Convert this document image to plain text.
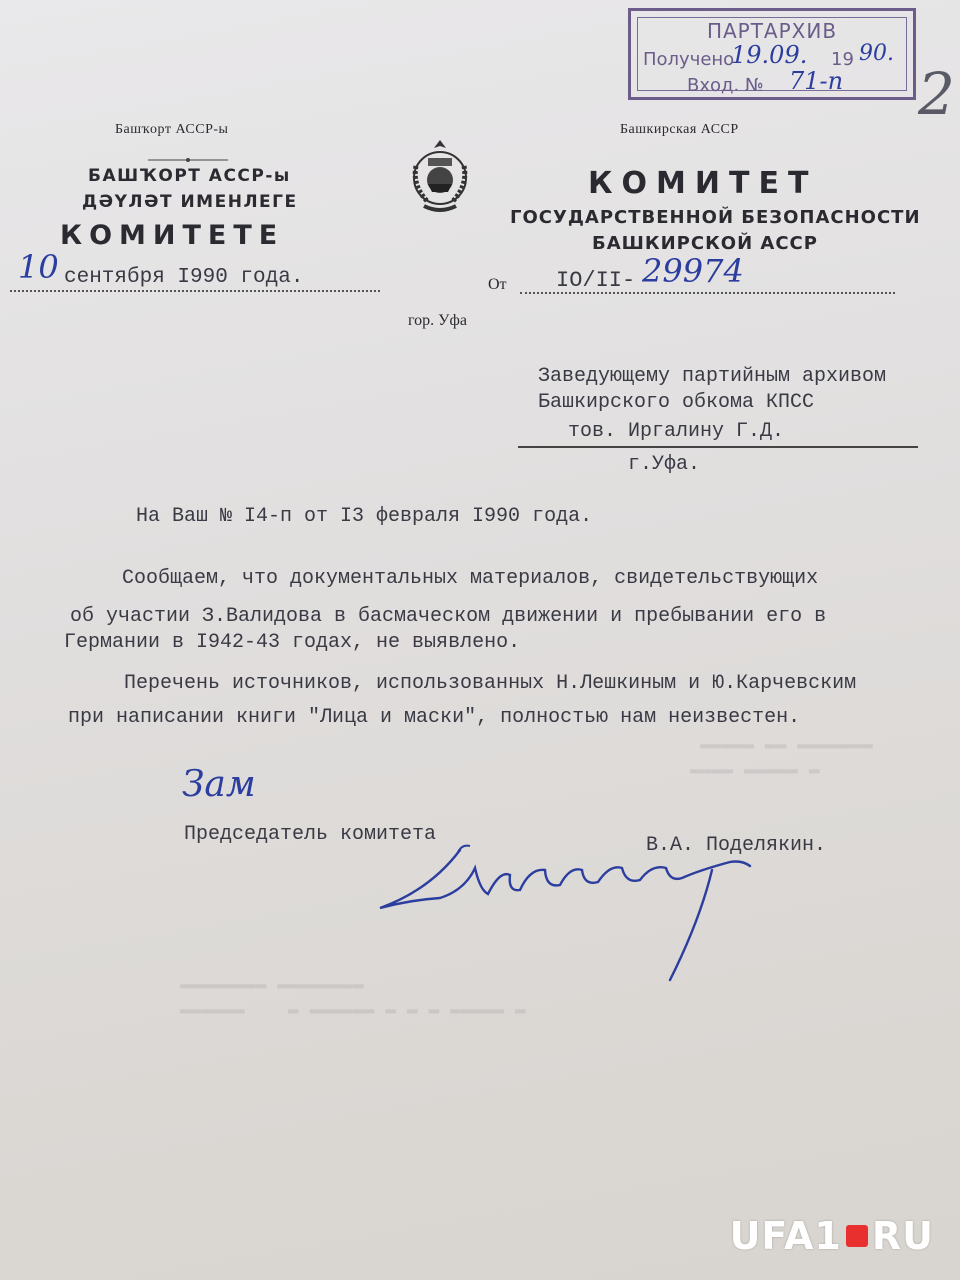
▬▬▬▬▬ ▬▬ ▬▬▬▬▬▬▬
▬▬▬▬ ▬▬▬▬▬ ▬
▬▬▬▬▬▬▬▬ ▬▬▬▬▬▬▬▬
▬▬▬▬▬▬    ▬ ▬▬▬▬▬▬ ▬ ▬ ▬ ▬▬▬▬▬ ▬
ПАРТАРХИВ
Получено
19.09. 19 90.
Вход. № 71-п 2
Башҡорт АССР-ы
БАШҠОРТ АССР-ы
ДӘҮЛӘТ ИМЕНЛЕГЕ
КОМИТЕТЕ
Башкирская АССР
КОМИТЕТ
ГОСУДАРСТВЕННОЙ БЕЗОПАСНОСТИ
БАШКИРСКОЙ АССР
10 сентября I990 года.	От IO/II- 29974
гор. Уфа
Заведующему партийным архивом
Башкирского обкома КПСС
тов. Иргалину Г.Д.
г.Уфа.
На Ваш № I4-п от I3 февраля I990 года.
Сообщаем, что документальных материалов, свидетельствующих
об участии З.Валидова в басмаческом движении и пребывании его в
Германии в I942-43 годах, не выявлено.
Перечень источников, использованных Н.Лешкиным и Ю.Карчевским
при написании книги "Лица и маски", полностью нам неизвестен.
Зам
Председатель комитета	В.А. Поделякин.
UFA1 RU
